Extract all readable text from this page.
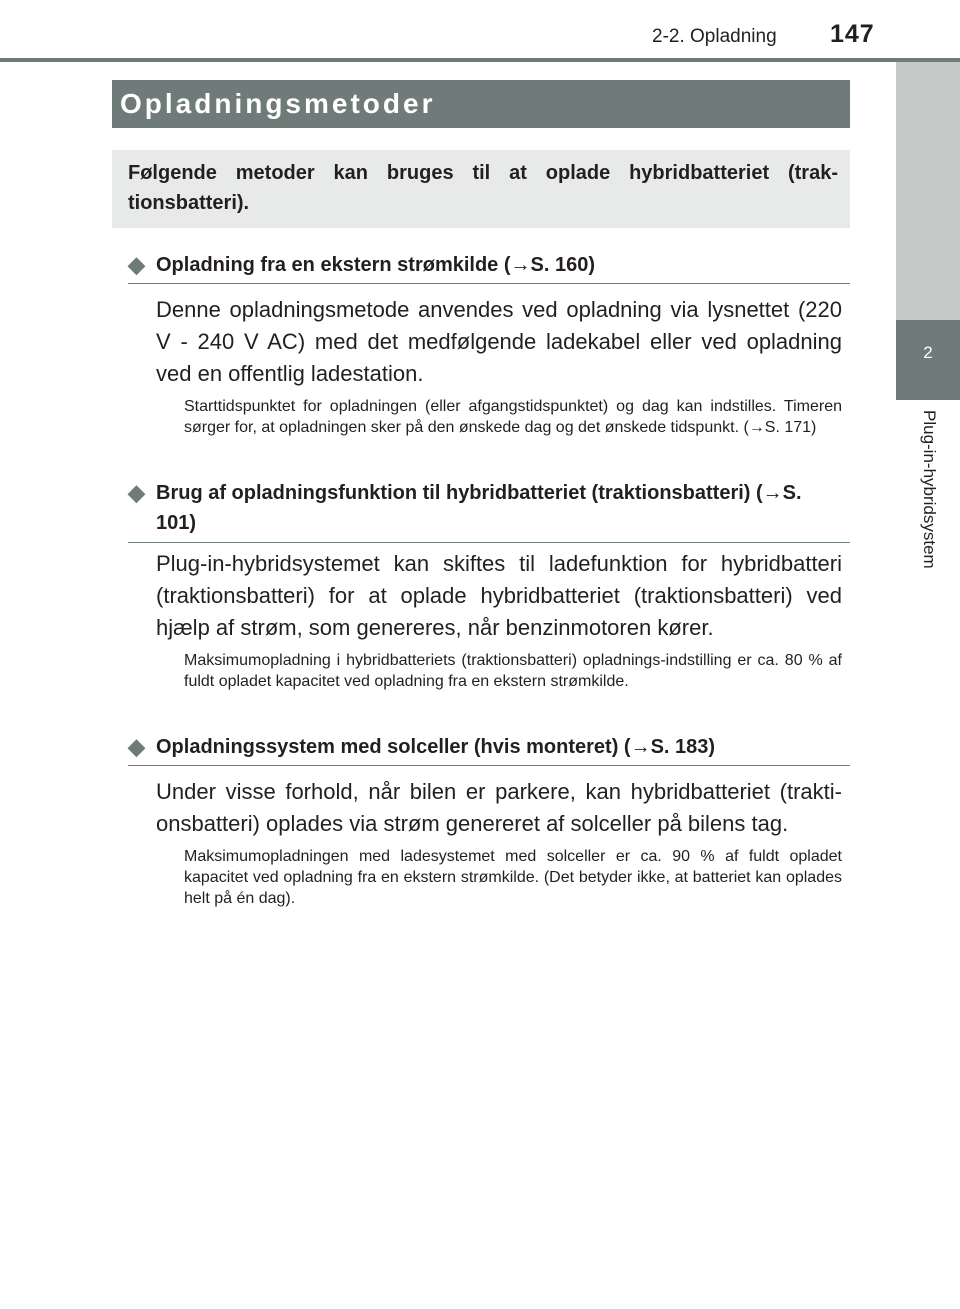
2-2. Opladning 147
2
Plug-in-hybridsystem
Opladningsmetoder

Følgende metoder kan bruges til at oplade hybridbatteriet (trak-tionsbatteri).

◆ Opladning fra en ekstern strømkilde (→S. 160)

Denne opladningsmetode anvendes ved opladning via lysnettet (220 V - 240 V AC) med det medfølgende ladekabel eller ved opladning ved en offentlig ladestation.

Starttidspunktet for opladningen (eller afgangstidspunktet) og dag kan indstilles. Timeren sørger for, at opladningen sker på den ønskede dag og det ønskede tidspunkt. (→S. 171)

◆ Brug af opladningsfunktion til hybridbatteriet (traktionsbatteri) (→S. 101)

Plug-in-hybridsystemet kan skiftes til ladefunktion for hybridbatteri (traktionsbatteri) for at oplade hybridbatteriet (traktionsbatteri) ved hjælp af strøm, som genereres, når benzinmotoren kører.

Maksimumopladning i hybridbatteriets (traktionsbatteri) opladnings-indstilling er ca. 80 % af fuldt opladet kapacitet ved opladning fra en ekstern strømkilde.

◆ Opladningssystem med solceller (hvis monteret) (→S. 183)

Under visse forhold, når bilen er parkere, kan hybridbatteriet (trakti-onsbatteri) oplades via strøm genereret af solceller på bilens tag.

Maksimumopladningen med ladesystemet med solceller er ca. 90 % af fuldt opladet kapacitet ved opladning fra en ekstern strømkilde. (Det betyder ikke, at batteriet kan oplades helt på én dag).
